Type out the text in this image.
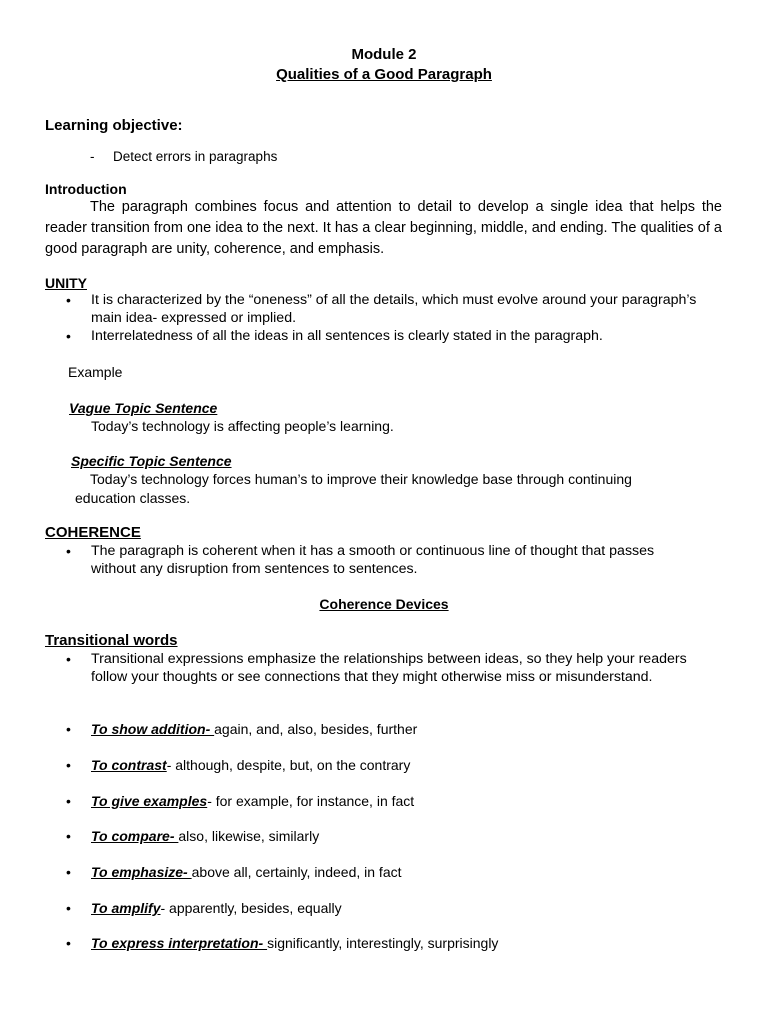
Module 2
Qualities of a Good Paragraph
Learning objective:
- Detect errors in paragraphs
Introduction
The paragraph combines focus and attention to detail to develop a single idea that helps the reader transition from one idea to the next. It has a clear beginning, middle, and ending. The qualities of a good paragraph are unity, coherence, and emphasis.
UNITY
• It is characterized by the “oneness” of all the details, which must evolve around your paragraph’s main idea- expressed or implied.
• Interrelatedness of all the ideas in all sentences is clearly stated in the paragraph.
Example
Vague Topic Sentence
Today’s technology is affecting people’s learning.
Specific Topic Sentence
Today’s technology forces human’s to improve their knowledge base through continuing
education classes.
COHERENCE
• The paragraph is coherent when it has a smooth or continuous line of thought that passes without any disruption from sentences to sentences.
Coherence Devices
Transitional words
• Transitional expressions emphasize the relationships between ideas, so they help your readers follow your thoughts or see connections that they might otherwise miss or misunderstand.
• To show addition- again, and, also, besides, further
• To contrast- although, despite, but, on the contrary
• To give examples- for example, for instance, in fact
• To compare- also, likewise, similarly
• To emphasize- above all, certainly, indeed, in fact
• To amplify- apparently, besides, equally
• To express interpretation- significantly, interestingly, surprisingly
